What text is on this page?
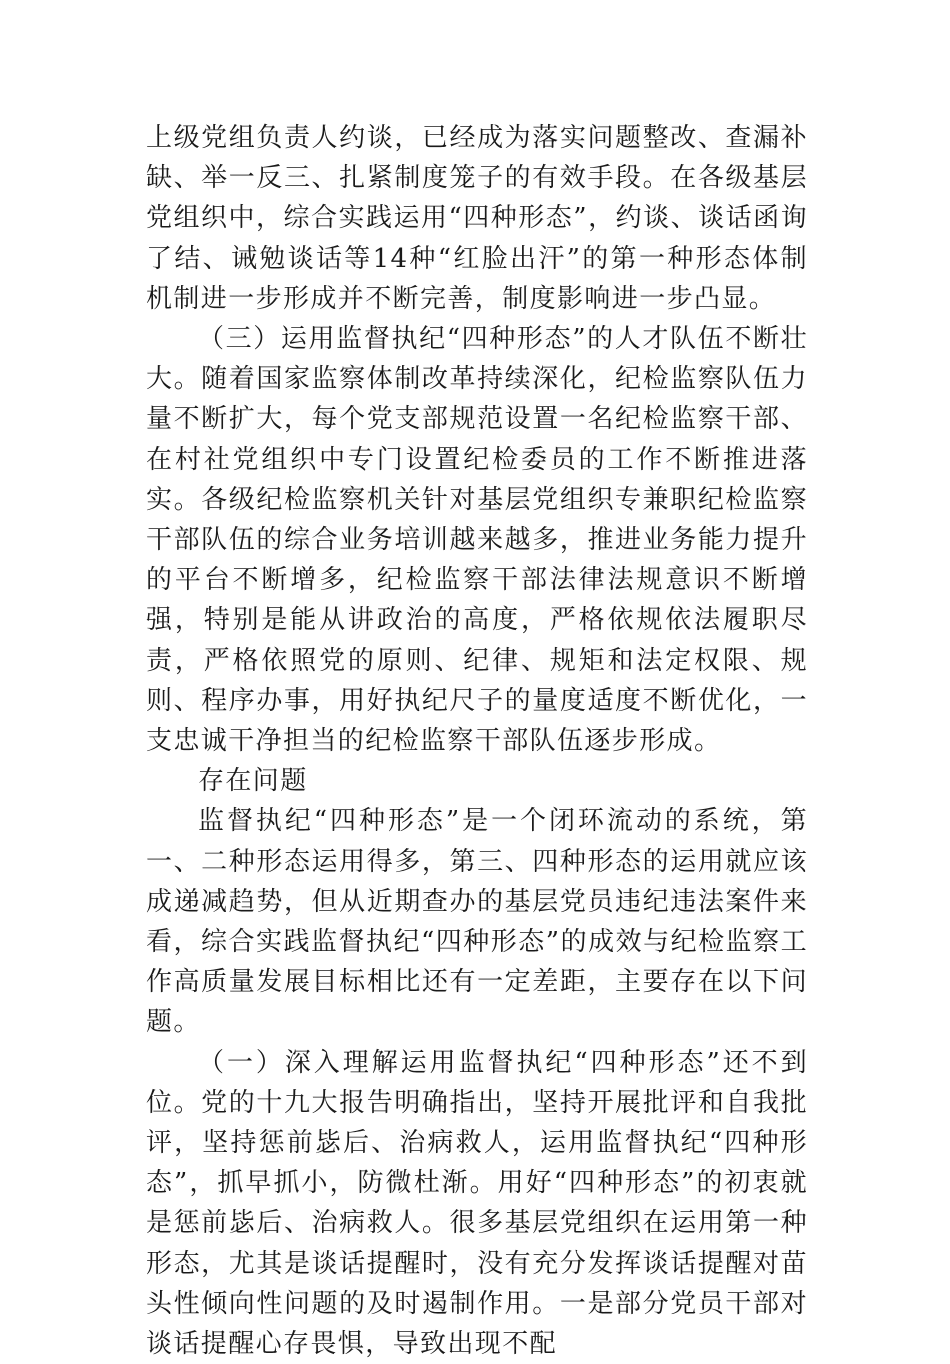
上级党组负责人约谈，已经成为落实问题整改、查漏补缺、举一反三、扎紧制度笼子的有效手段。在各级基层党组织中，综合实践运用“四种形态”，约谈、谈话函询了结、诫勉谈话等14种“红脸出汗”的第一种形态体制机制进一步形成并不断完善，制度影响进一步凸显。

（三）运用监督执纪“四种形态”的人才队伍不断壮大。随着国家监察体制改革持续深化，纪检监察队伍力量不断扩大，每个党支部规范设置一名纪检监察干部、在村社党组织中专门设置纪检委员的工作不断推进落实。各级纪检监察机关针对基层党组织专兼职纪检监察干部队伍的综合业务培训越来越多，推进业务能力提升的平台不断增多，纪检监察干部法律法规意识不断增强，特别是能从讲政治的高度，严格依规依法履职尽责，严格依照党的原则、纪律、规矩和法定权限、规则、程序办事，用好执纪尺子的量度适度不断优化，一支忠诚干净担当的纪检监察干部队伍逐步形成。

存在问题

监督执纪“四种形态”是一个闭环流动的系统，第一、二种形态运用得多，第三、四种形态的运用就应该成递减趋势，但从近期查办的基层党员违纪违法案件来看，综合实践监督执纪“四种形态”的成效与纪检监察工作高质量发展目标相比还有一定差距，主要存在以下问题。

（一）深入理解运用监督执纪“四种形态”还不到位。党的十九大报告明确指出，坚持开展批评和自我批评，坚持惩前毖后、治病救人，运用监督执纪“四种形态”，抓早抓小，防微杜渐。用好“四种形态”的初衷就是惩前毖后、治病救人。很多基层党组织在运用第一种形态，尤其是谈话提醒时，没有充分发挥谈话提醒对苗头性倾向性问题的及时遏制作用。一是部分党员干部对谈话提醒心存畏惧，导致出现不配
